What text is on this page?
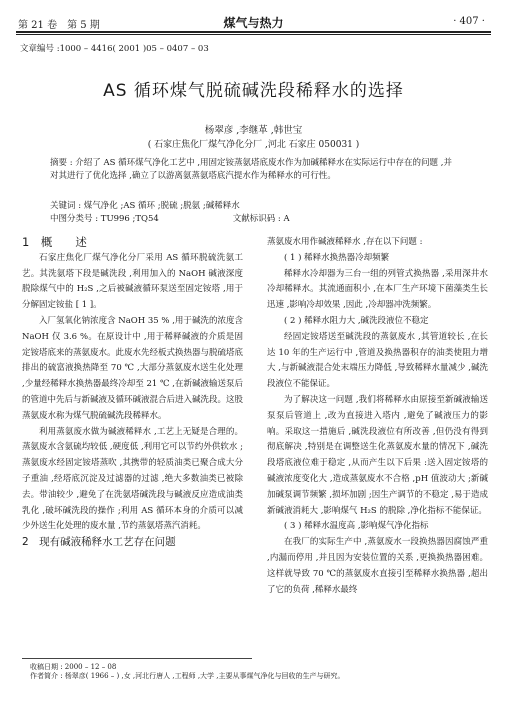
第 21 卷　第 5 期	煤气与热力	· 407 ·
文章编号 :1000 – 4416( 2001 )05 – 0407 – 03
AS 循环煤气脱硫碱洗段稀释水的选择
杨翠彦 ,李继革 ,韩世宝
( 石家庄焦化厂煤气净化分厂 ,河北 石家庄 050031 )

摘要 : 介绍了 AS 循环煤气净化工艺中 ,用固定铵蒸氨塔底废水作为加碱稀释水在实际运行中存在的问题 ,并对其进行了优化选择 ,确立了以游离氨蒸氨塔底汽提水作为稀释水的可行性。

关键词 : 煤气净化 ;AS 循环 ;脱硫 ;脱氨 ;碱稀释水
中图分类号 : TU996 ;TQ54	文献标识码 : A

1　概　　述

石家庄焦化厂煤气净化分厂采用 AS 循环脱硫洗氨工艺。其洗氨塔下段是碱洗段 ,利用加入的 NaOH 碱液深度脱除煤气中的 H₂S ,之后被碱液循环泵送至固定铵塔 ,用于分解固定铵盐 [ 1 ]。

入厂氢氧化钠浓度含 NaOH 35 % ,用于碱洗的浓度含 NaOH 仅 3.6 %。在原设计中 ,用于稀释碱液的介质是固定铵塔底来的蒸氨废水。此废水先经板式换热器与脱硫塔底排出的硫富液换热降至 70 ℃ ,大部分蒸氨废水送生化处理 ,少量经稀释水换热器最终冷却至 21 ℃ ,在新碱液输送泵后的管道中先后与新碱液及循环碱液混合后进入碱洗段。这股蒸氨废水称为煤气脱硫碱洗段稀释水。

利用蒸氨废水做为碱液稀释水 ,工艺上无疑是合理的。蒸氨废水含氨硫均较低 ,硬度低 ,利用它可以节约外供软水 ;蒸氨废水经固定铵塔蒸吹 ,其携带的轻质油类已聚合成大分子重油 ,经塔底沉淀及过滤器的过滤 ,绝大多数油类已被除去。带油较少 ,避免了在洗氨塔碱洗段与碱液反应造成油类乳化 ,破坏碱洗段的操作 ;利用 AS 循环本身的介质可以减少外送生化处理的废水量 ,节约蒸氨塔蒸汽消耗。

2　现有碱液稀释水工艺存在问题

蒸氨废水用作碱液稀释水 ,存在以下问题 :

( 1 ) 稀释水换热器冷却频繁

稀释水冷却器为三台一组的列管式换热器 ,采用深井水冷却稀释水。其流通面积小 ,在本厂生产环境下菌藻类生长迅速 ,影响冷却效果 ,因此 ,冷却器冲洗频繁。

( 2 ) 稀释水阻力大 ,碱洗段液位不稳定

经固定铵塔送至碱洗段的蒸氨废水 ,其管道较长 ,在长达 10 年的生产运行中 ,管道及换热器积存的油类使阻力增大 ,与新碱液混合处末端压力降低 ,导致稀释水量减少 ,碱洗段液位不能保证。

为了解决这一问题 ,我们将稀释水由原接至新碱液输送泵泵后管道上 ,改为直接进入塔内 ,避免了碱液压力的影响。采取这一措施后 ,碱洗段液位有所改善 ,但仍没有得到彻底解决 ,特别是在调整送生化蒸氨废水量的情况下 ,碱洗段塔底液位难于稳定 ,从而产生以下后果 :送入固定铵塔的碱液浓度变化大 ,造成蒸氨废水不合格 ,pH 值波动大 ;新碱加碱泵调节频繁 ,损坏加剧 ;因生产调节的不稳定 ,易于造成新碱液消耗大 ,影响煤气 H₂S 的脱除 ,净化指标不能保证。

( 3 ) 稀释水温度高 ,影响煤气净化指标

在我厂的实际生产中 ,蒸氨废水一段换热器因腐蚀严重 ,内漏而停用 ,并且因为安装位置的关系 ,更换换热器困难。这样就导致 70 ℃的蒸氨废水直接引至稀释水换热器 ,超出了它的负荷 ,稀释水最终

收稿日期 : 2000 – 12 – 08
作者简介 : 杨翠彦( 1966 – ) ,女 ,河北行唐人 ,工程师 ,大学 ,主要从事煤气净化与回收的生产与研究。
